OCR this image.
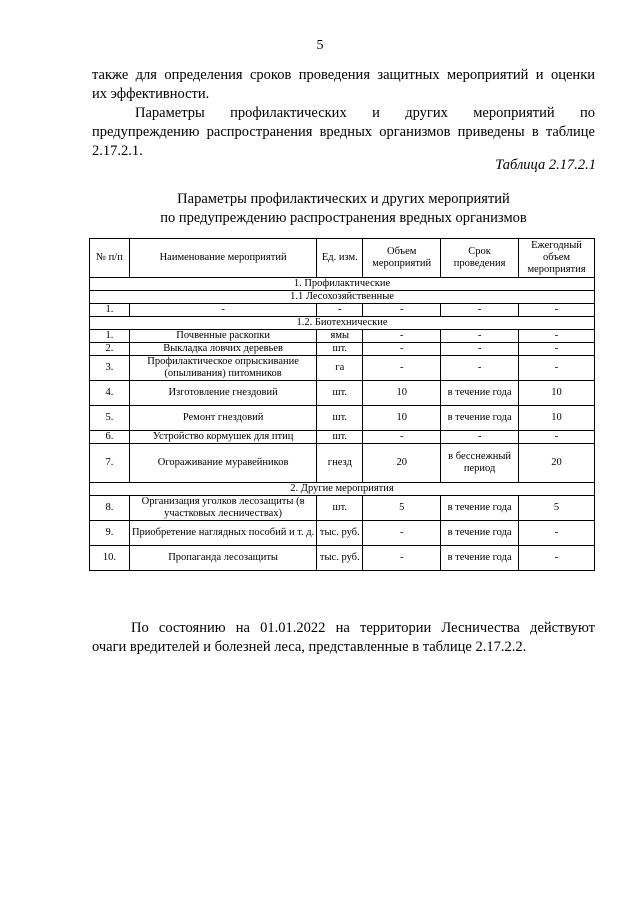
5
также для определения сроков проведения защитных мероприятий и оценки
их эффективности.
Параметры профилактических и других мероприятий по
предупреждению распространения вредных организмов приведены в таблице
2.17.2.1.
Таблица 2.17.2.1
Параметры профилактических и других мероприятий
по предупреждению распространения вредных организмов
№ п/п	Наименование мероприятий	Ед. изм.	Объем мероприятий	Срок проведения	Ежегодный объем мероприятия
1. Профилактические					
1.1 Лесохозяйственные					
1.	-	-	-	-	-
1.2. Биотехнические					
1.	Почвенные раскопки	ямы	-	-	-
2.	Выкладка ловчих деревьев	шт.	-	-	-
3.	Профилактическое опрыскивание (опыливания) питомников	га	-	-	-
4.	Изготовление гнездовий	шт.	10	в течение года	10
5.	Ремонт гнездовий	шт.	10	в течение года	10
6.	Устройство кормушек для птиц	шт.	-	-	-
7.	Огораживание муравейников	гнезд	20	в бесснежный период	20
2. Другие мероприятия					
8.	Организация уголков лесозащиты (в участковых лесничествах)	шт.	5	в течение года	5
9.	Приобретение наглядных пособий и т. д.	тыс. руб.	-	в течение года	-
10.	Пропаганда лесозащиты	тыс. руб.	-	в течение года	-
По состоянию на 01.01.2022 на территории Лесничества действуют
очаги вредителей и болезней леса, представленные в таблице 2.17.2.2.
